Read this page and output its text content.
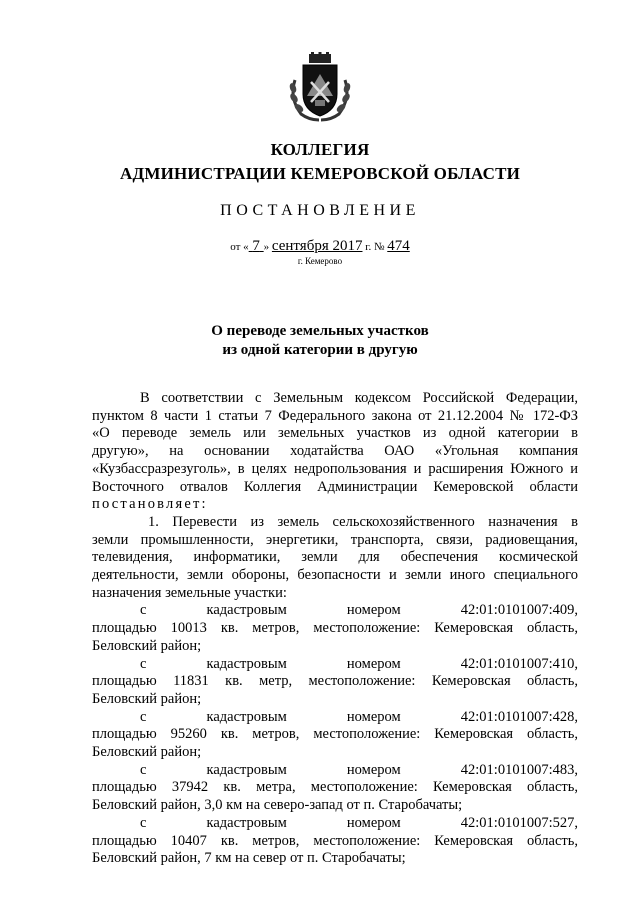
КОЛЛЕГИЯ
АДМИНИСТРАЦИИ КЕМЕРОВСКОЙ ОБЛАСТИ
ПОСТАНОВЛЕНИЕ
от « 7 » сентября 2017 г. № 474
г. Кемерово
О переводе земельных участков
из одной категории в другую

В соответствии с Земельным кодексом Российской Федерации,

пунктом 8 части 1 статьи 7 Федерального закона от 21.12.2004 № 172-ФЗ

«О переводе земель или земельных участков из одной категории в

другую», на основании ходатайства ОАО «Угольная компания

«Кузбассразрезуголь», в целях недропользования и расширения Южного и

Восточного отвалов Коллегия Администрации Кемеровской области

постановляет:

1. Перевести из земель сельскохозяйственного назначения в

земли промышленности, энергетики, транспорта, связи, радиовещания,

телевидения, информатики, земли для обеспечения космической

деятельности, земли обороны, безопасности и земли иного специального

назначения земельные участки:

с	кадастровым	номером	42:01:0101007:409,

площадью 10013 кв. метров, местоположение: Кемеровская область,

Беловский район;

с	кадастровым	номером	42:01:0101007:410,

площадью 11831 кв. метр, местоположение: Кемеровская область,

Беловский район;

с	кадастровым	номером	42:01:0101007:428,

площадью 95260 кв. метров, местоположение: Кемеровская область,

Беловский район;

с	кадастровым	номером	42:01:0101007:483,

площадью 37942 кв. метра, местоположение: Кемеровская область,

Беловский район, 3,0 км на северо-запад от п. Старобачаты;

с	кадастровым	номером	42:01:0101007:527,

площадью 10407 кв. метров, местоположение: Кемеровская область,

Беловский район, 7 км на север от п. Старобачаты;
